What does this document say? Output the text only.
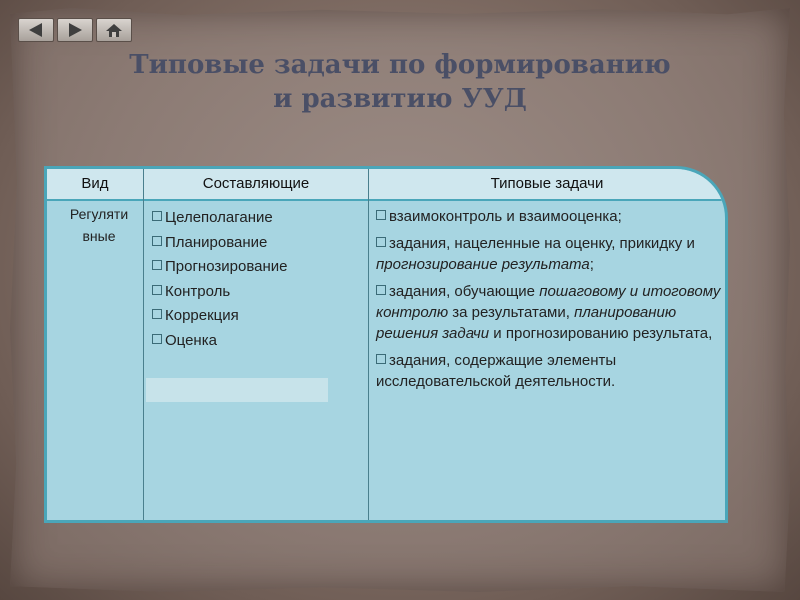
Типовые задачи по формированию
и развитию УУД
Вид	Составляющие	Типовые задачи
Регуляти
вные
Целеполагание
Планирование
Прогнозирование
Контроль
Коррекция
Оценка
взаимоконтроль и взаимооценка;
задания, нацеленные на оценку, прикидку и прогнозирование результата;
задания, обучающие пошаговому и итоговому контролю за результатами, планированию решения задачи и прогнозированию результата,
задания, содержащие элементы исследовательской деятельности.
